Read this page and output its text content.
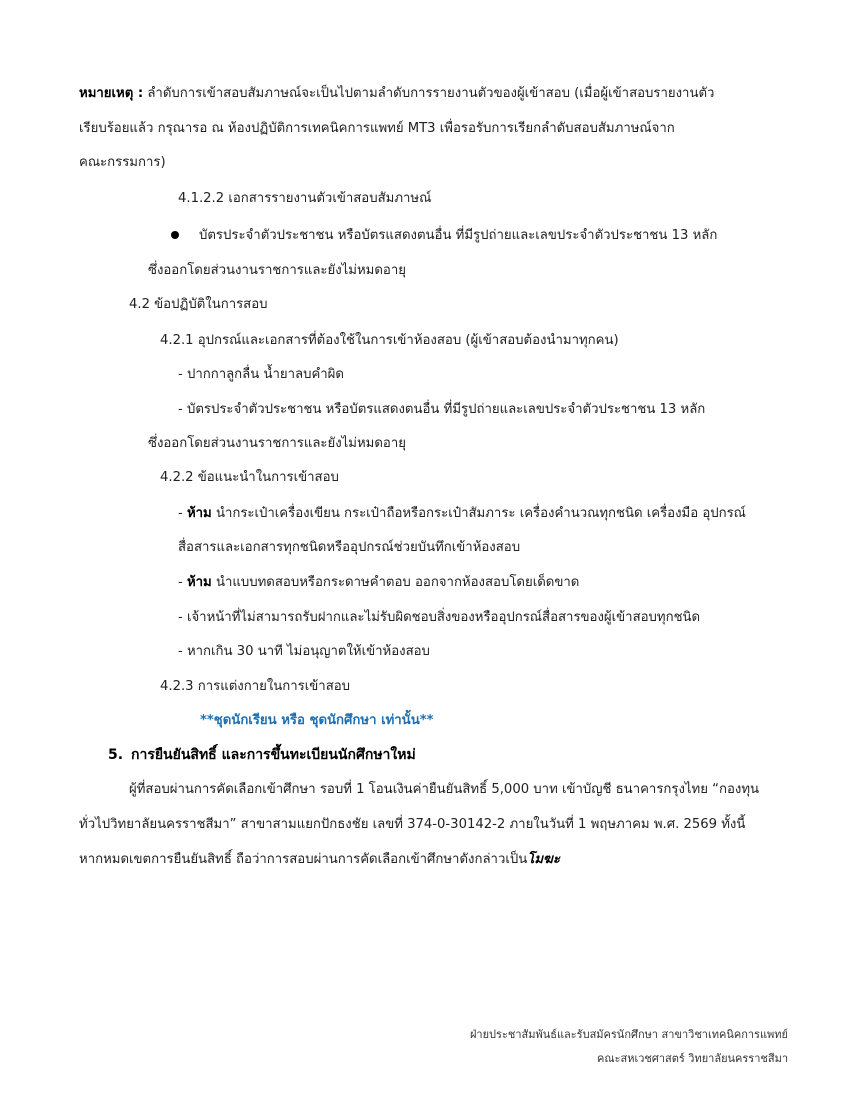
หมายเหตุ : ลำดับการเข้าสอบสัมภาษณ์จะเป็นไปตามลำดับการรายงานตัวของผู้เข้าสอบ (เมื่อผู้เข้าสอบรายงานตัว
เรียบร้อยแล้ว กรุณารอ ณ ห้องปฏิบัติการเทคนิคการแพทย์ MT3 เพื่อรอรับการเรียกลำดับสอบสัมภาษณ์จาก
คณะกรรมการ)
4.1.2.2 เอกสารรายงานตัวเข้าสอบสัมภาษณ์
บัตรประจำตัวประชาชน หรือบัตรแสดงตนอื่น ที่มีรูปถ่ายและเลขประจำตัวประชาชน 13 หลัก
ซึ่งออกโดยส่วนงานราชการและยังไม่หมดอายุ
4.2 ข้อปฏิบัติในการสอบ
4.2.1 อุปกรณ์และเอกสารที่ต้องใช้ในการเข้าห้องสอบ (ผู้เข้าสอบต้องนำมาทุกคน)
- ปากกาลูกลื่น น้ำยาลบคำผิด
- บัตรประจำตัวประชาชน หรือบัตรแสดงตนอื่น ที่มีรูปถ่ายและเลขประจำตัวประชาชน 13 หลัก
ซึ่งออกโดยส่วนงานราชการและยังไม่หมดอายุ
4.2.2 ข้อแนะนำในการเข้าสอบ
- ห้าม นำกระเป๋าเครื่องเขียน กระเป๋าถือหรือกระเป๋าสัมภาระ เครื่องคำนวณทุกชนิด เครื่องมือ อุปกรณ์
สื่อสารและเอกสารทุกชนิดหรืออุปกรณ์ช่วยบันทึกเข้าห้องสอบ
- ห้าม นำแบบทดสอบหรือกระดาษคำตอบ ออกจากห้องสอบโดยเด็ดขาด
- เจ้าหน้าที่ไม่สามารถรับฝากและไม่รับผิดชอบสิ่งของหรืออุปกรณ์สื่อสารของผู้เข้าสอบทุกชนิด
- หากเกิน 30 นาที ไม่อนุญาตให้เข้าห้องสอบ
4.2.3 การแต่งกายในการเข้าสอบ
**ชุดนักเรียน หรือ ชุดนักศึกษา เท่านั้น**
5. การยืนยันสิทธิ์ และการขึ้นทะเบียนนักศึกษาใหม่
ผู้ที่สอบผ่านการคัดเลือกเข้าศึกษา รอบที่ 1 โอนเงินค่ายืนยันสิทธิ์ 5,000 บาท เข้าบัญชี ธนาคารกรุงไทย “กองทุน
ทั่วไปวิทยาลัยนครราชสีมา” สาขาสามแยกปักธงชัย เลขที่ 374-0-30142-2 ภายในวันที่ 1 พฤษภาคม พ.ศ. 2569 ทั้งนี้
หากหมดเขตการยืนยันสิทธิ์ ถือว่าการสอบผ่านการคัดเลือกเข้าศึกษาดังกล่าวเป็นโมฆะ
ฝ่ายประชาสัมพันธ์และรับสมัครนักศึกษา สาขาวิชาเทคนิคการแพทย์
คณะสหเวชศาสตร์ วิทยาลัยนครราชสีมา
